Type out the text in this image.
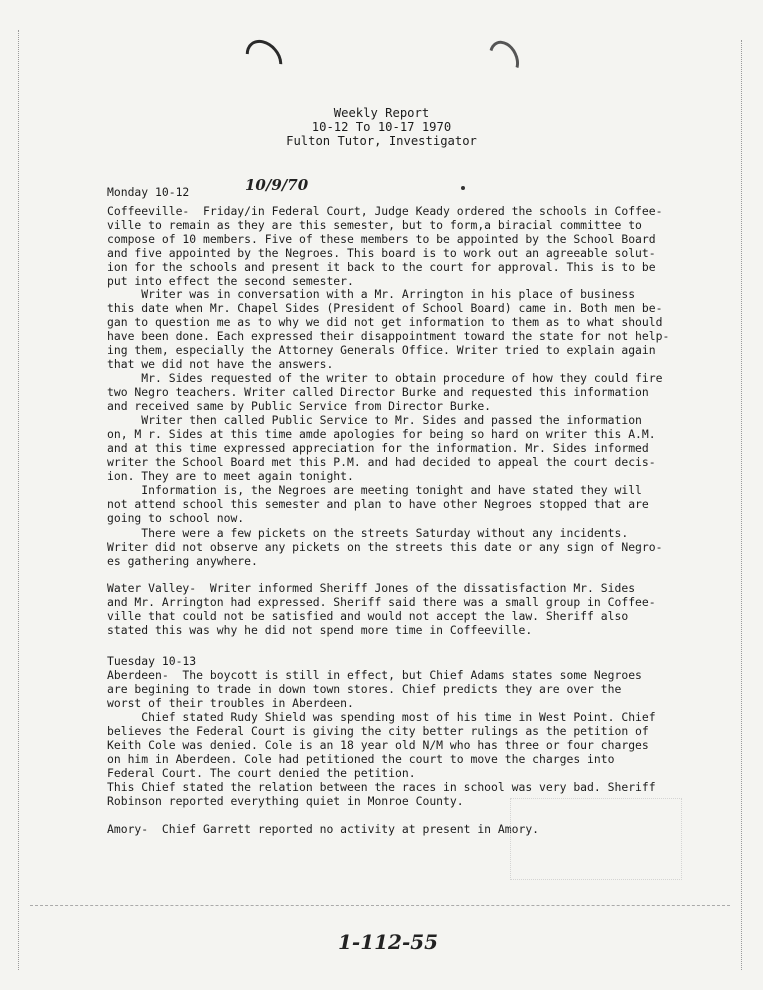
Weekly Report
10-12 To 10-17 1970
Fulton Tutor, Investigator
10/9/70
Monday 10-12
Coffeeville-  Friday/in Federal Court, Judge Keady ordered the schools in Coffee-
ville to remain as they are this semester, but to form,a biracial committee to
compose of 10 members. Five of these members to be appointed by the School Board
and five appointed by the Negroes. This board is to work out an agreeable solut-
ion for the schools and present it back to the court for approval. This is to be
put into effect the second semester.
Writer was in conversation with a Mr. Arrington in his place of business
this date when Mr. Chapel Sides (President of School Board) came in. Both men be-
gan to question me as to why we did not get information to them as to what should
have been done. Each expressed their disappointment toward the state for not help-
ing them, especially the Attorney Generals Office. Writer tried to explain again
that we did not have the answers.
Mr. Sides requested of the writer to obtain procedure of how they could fire
two Negro teachers. Writer called Director Burke and requested this information
and received same by Public Service from Director Burke.
Writer then called Public Service to Mr. Sides and passed the information
on, M r. Sides at this time amde apologies for being so hard on writer this A.M.
and at this time expressed appreciation for the information. Mr. Sides informed
writer the School Board met this P.M. and had decided to appeal the court decis-
ion. They are to meet again tonight.
Information is, the Negroes are meeting tonight and have stated they will
not attend school this semester and plan to have other Negroes stopped that are
going to school now.
There were a few pickets on the streets Saturday without any incidents.
Writer did not observe any pickets on the streets this date or any sign of Negro-
es gathering anywhere.
Water Valley-  Writer informed Sheriff Jones of the dissatisfaction Mr. Sides
and Mr. Arrington had expressed. Sheriff said there was a small group in Coffee-
ville that could not be satisfied and would not accept the law. Sheriff also
stated this was why he did not spend more time in Coffeeville.
Tuesday 10-13
Aberdeen-  The boycott is still in effect, but Chief Adams states some Negroes
are begining to trade in down town stores. Chief predicts they are over the
worst of their troubles in Aberdeen.
Chief stated Rudy Shield was spending most of his time in West Point. Chief
believes the Federal Court is giving the city better rulings as the petition of
Keith Cole was denied. Cole is an 18 year old N/M who has three or four charges
on him in Aberdeen. Cole had petitioned the court to move the charges into
Federal Court. The court denied the petition.
This Chief stated the relation between the races in school was very bad. Sheriff
Robinson reported everything quiet in Monroe County.
Amory-  Chief Garrett reported no activity at present in Amory.
1-112-55
